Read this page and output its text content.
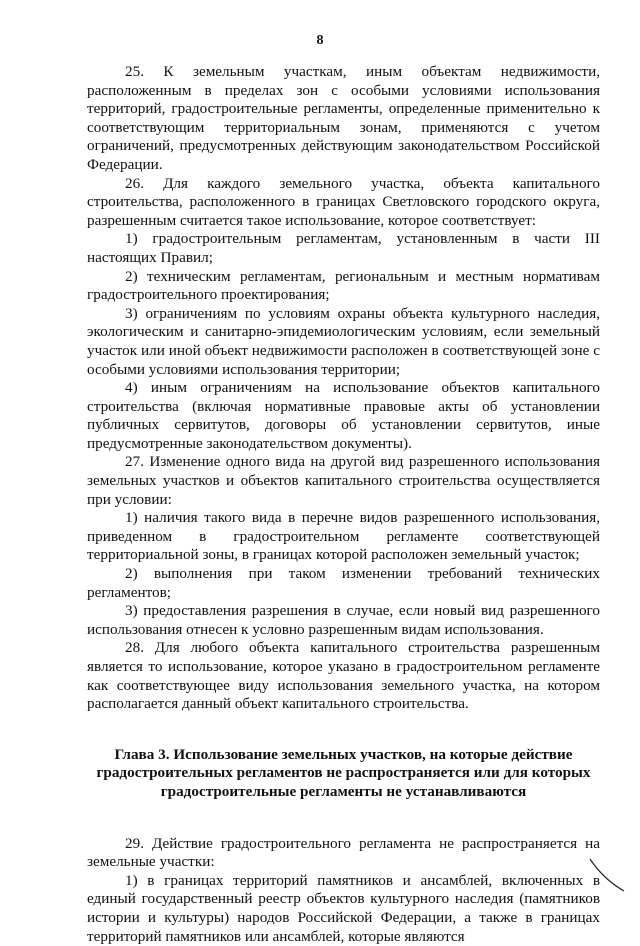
8

25. К земельным участкам, иным объектам недвижимости, расположенным в пределах зон с особыми условиями использования территорий, градостроительные регламенты, определенные применительно к соответствующим территориальным зонам, применяются с учетом ограничений, предусмотренных действующим законодательством Российской Федерации.

26. Для каждого земельного участка, объекта капитального строительства, расположенного в границах Светловского городского округа, разрешенным считается такое использование, которое соответствует:

1) градостроительным регламентам, установленным в части III настоящих Правил;

2) техническим регламентам, региональным и местным нормативам градостроительного проектирования;

3) ограничениям по условиям охраны объекта культурного наследия, экологическим и санитарно-эпидемиологическим условиям, если земельный участок или иной объект недвижимости расположен в соответствующей зоне с особыми условиями использования территории;

4) иным ограничениям на использование объектов капитального строительства (включая нормативные правовые акты об установлении публичных сервитутов, договоры об установлении сервитутов, иные предусмотренные законодательством документы).

27. Изменение одного вида на другой вид разрешенного использования земельных участков и объектов капитального строительства осуществляется при условии:

1) наличия такого вида в перечне видов разрешенного использования, приведенном в градостроительном регламенте соответствующей территориальной зоны, в границах которой расположен земельный участок;

2) выполнения при таком изменении требований технических регламентов;

3) предоставления разрешения в случае, если новый вид разрешенного использования отнесен к условно разрешенным видам использования.

28. Для любого объекта капитального строительства разрешенным является то использование, которое указано в градостроительном регламенте как соответствующее виду использования земельного участка, на котором располагается данный объект капитального строительства.

Глава 3. Использование земельных участков, на которые действие градостроительных регламентов не распространяется или для которых градостроительные регламенты не устанавливаются

29. Действие градостроительного регламента не распространяется на земельные участки:

1) в границах территорий памятников и ансамблей, включенных в единый государственный реестр объектов культурного наследия (памятников истории и культуры) народов Российской Федерации, а также в границах территорий памятников или ансамблей, которые являются
